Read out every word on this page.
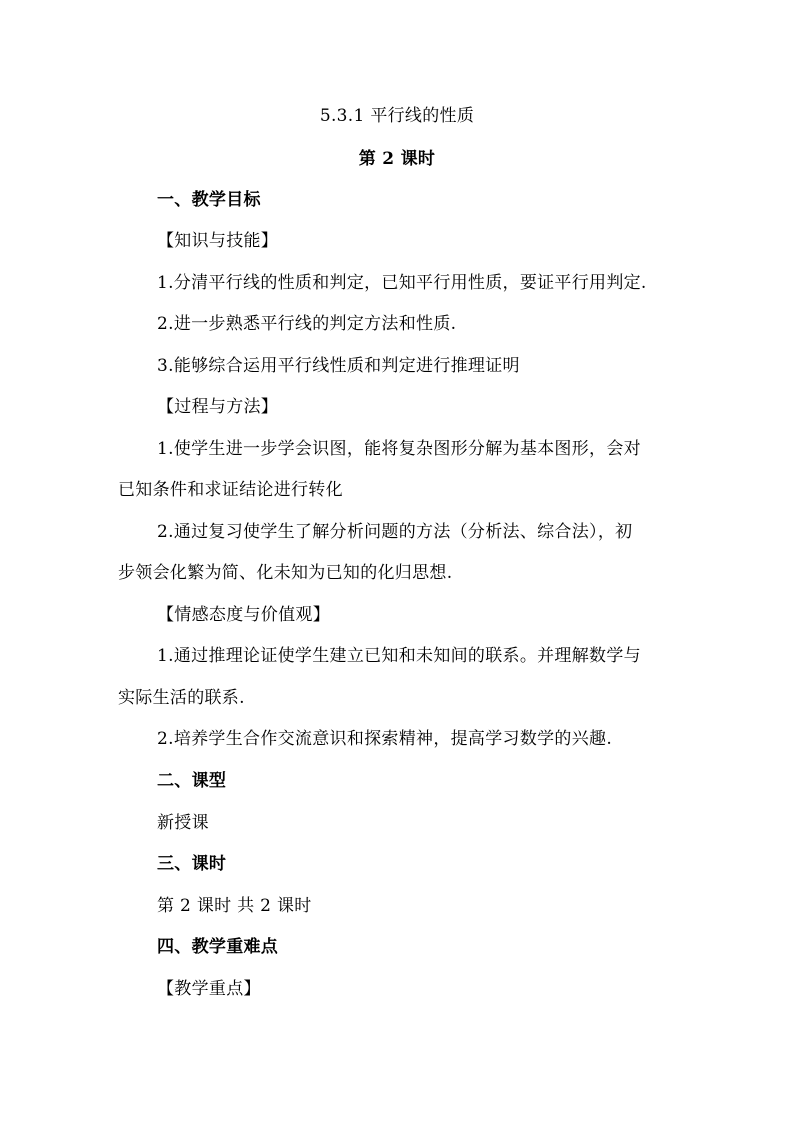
5.3.1 平行线的性质
第 2 课时
一、教学目标
【知识与技能】
1.分清平行线的性质和判定，已知平行用性质，要证平行用判定.
2.进一步熟悉平行线的判定方法和性质.
3.能够综合运用平行线性质和判定进行推理证明
【过程与方法】
1.使学生进一步学会识图，能将复杂图形分解为基本图形，会对
已知条件和求证结论进行转化
2.通过复习使学生了解分析问题的方法（分析法、综合法），初
步领会化繁为简、化未知为已知的化归思想.
【情感态度与价值观】
1.通过推理论证使学生建立已知和未知间的联系。并理解数学与
实际生活的联系.
2.培养学生合作交流意识和探索精神，提高学习数学的兴趣.
二、课型
新授课
三、课时
第 2 课时 共 2 课时
四、教学重难点
【教学重点】
